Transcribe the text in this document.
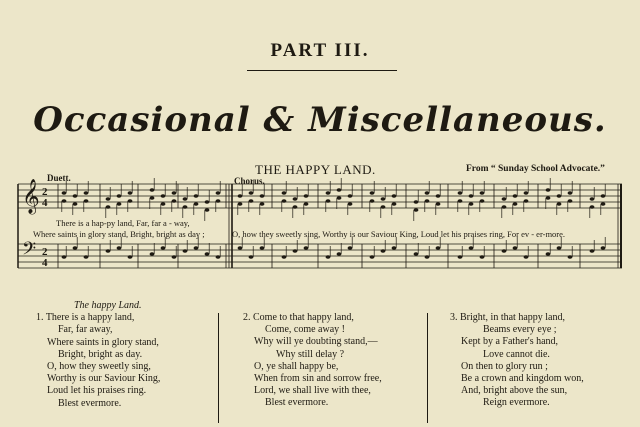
PART III.
Occasional & Miscellaneous.
THE HAPPY LAND.	From “ Sunday School Advocate.”
Duett.	Chorus.
𝄞
𝄢
2
2
4
4
There is a hap-py land, Far, far a - way,
Where saints in glory stand, Bright, bright as day ;	O, how they sweetly sing, Worthy is our Saviour King, Loud let his praises ring, For ev - er-more.
The happy Land.
1. There is a happy land,
Far, far away,
Where saints in glory stand,
Bright, bright as day.
O, how they sweetly sing,
Worthy is our Saviour King,
Loud let his praises ring.
Blest evermore.
2. Come to that happy land,
Come, come away !
Why will ye doubting stand,—
Why still delay ?
O, ye shall happy be,
When from sin and sorrow free,
Lord, we shall live with thee,
Blest evermore.
3. Bright, in that happy land,
Beams every eye ;
Kept by a Father's hand,
Love cannot die.
On then to glory run ;
Be a crown and kingdom won,
And, bright above the sun,
Reign evermore.
